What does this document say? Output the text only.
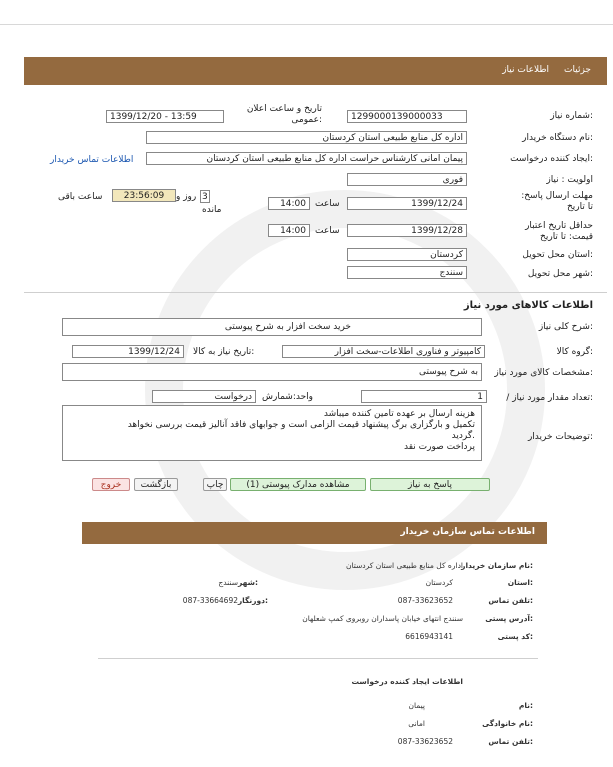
جزئیات
اطلاعات نیاز
شماره نیاز:
1299000139000033
تاریخ و ساعت اعلان عمومی:
1399/12/20 - 13:59
نام دستگاه خریدار:
اداره کل منابع طبیعی استان کردستان
ایجاد کننده درخواست:
پیمان امانی کارشناس حراست اداره کل منابع طبیعی استان کردستان
اطلاعات تماس خریدار
اولویت : نیاز
فوری
مهلت ارسال پاسخ: تا تاریخ
1399/12/24
ساعت
14:00
3
روز و
23:56:09
ساعت باقی
مانده
حداقل تاریخ اعتبار قیمت: تا تاریخ
1399/12/28
ساعت
14:00
استان محل تحویل:
کردستان
شهر محل تحویل:
سنندج
اطلاعات کالاهای مورد نیاز
شرح کلی نیاز:
خرید سخت افزار به شرح پیوستی
گروه کالا:
کامپیوتر و فناوری اطلاعات-سخت افزار
تاریخ نیاز به کالا:
1399/12/24
مشخصات کالای مورد نیاز:
به شرح پیوستی
/ تعداد مقدار مورد نیاز:
1
واحد:شمارش
درخواست
توضیحات خریدار:
هزینه ارسال بر عهده تامین کننده میباشد
تکمیل و بارگزاری برگ پیشنهاد قیمت الزامی است و جوابهای فاقد آنالیز قیمت بررسی نخواهد
.گردید
پرداخت صورت نقد
پاسخ به نیاز
مشاهده مدارک پیوستی (1)
چاپ
بازگشت
خروج
اطلاعات تماس سازمان خریدار
نام سازمان خریدار:
اداره کل منابع طبیعی استان کردستان
استان:
کردستان
شهر:
سنندج
تلفن تماس:
087-33623652
دورنگار:
087-33664692
آدرس پستی:
سنندج انتهای خیابان پاسداران روبروی کمپ شعلهان
کد پستی:
6616943141
اطلاعات ایجاد کننده درخواست
نام:
پیمان
نام خانوادگی:
امانی
تلفن تماس:
087-33623652
